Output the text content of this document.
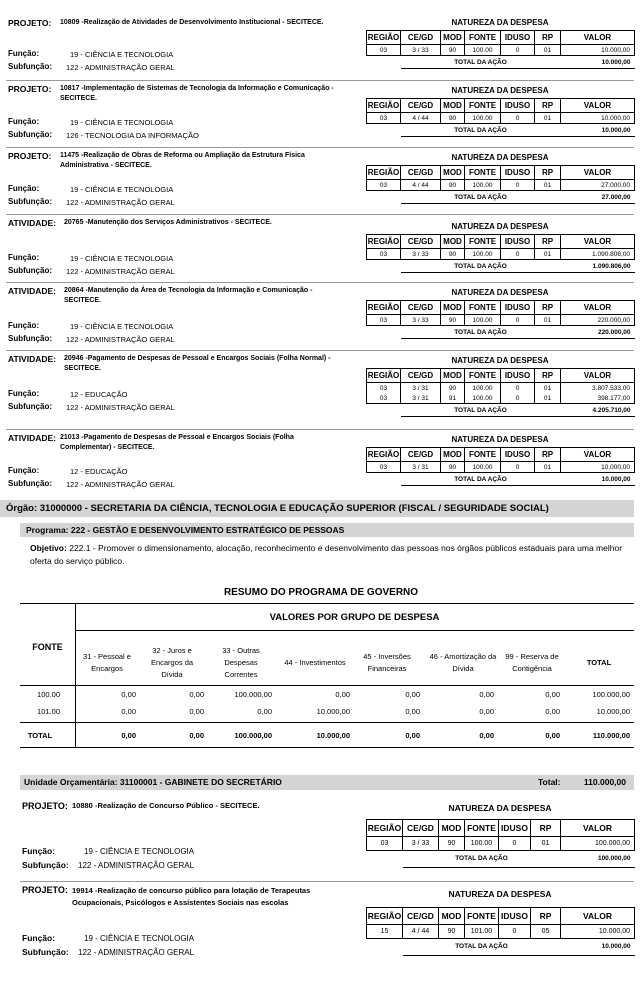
PROJETO: 10809 -Realização de Atividades de Desenvolvimento Institucional - SECITECE.	NATUREZA DA DESPESA
REGIÃO	CE/GD	MOD	FONTE	IDUSO	RP	VALOR
03	3 / 33	90	100.00	0	01	10.000,00
	TOTAL DA AÇÃO					10.000,00
Função:	19 - CIÊNCIA E TECNOLOGIA
Subfunção: 122 - ADMINISTRAÇÃO GERAL
PROJETO: 10817 -Implementação de Sistemas de Tecnologia da Informação e Comunicação - SECITECE.
NATUREZA DA DESPESA
REGIÃO	CE/GD	MOD	FONTE	IDUSO	RP	VALOR
03	4 / 44	90	100.00	0	01	10.000,00
	TOTAL DA AÇÃO					10.000,00
Função:	19 - CIÊNCIA E TECNOLOGIA
Subfunção: 126 - TECNOLOGIA DA INFORMAÇÃO
PROJETO: 11475 -Realização de Obras de Reforma ou Ampliação da Estrutura Física Administrativa - SECITECE.
NATUREZA DA DESPESA
REGIÃO	CE/GD	MOD	FONTE	IDUSO	RP	VALOR
03	4 / 44	90	100.00	0	01	27.000,00
	TOTAL DA AÇÃO					27.000,00
Função:	19 - CIÊNCIA E TECNOLOGIA
Subfunção: 122 - ADMINISTRAÇÃO GERAL
ATIVIDADE: 20765 -Manutenção dos Serviços Administrativos - SECITECE.	NATUREZA DA DESPESA
REGIÃO	CE/GD	MOD	FONTE	IDUSO	RP	VALOR
03	3 / 33	90	100.00	0	01	1.090.806,00
	TOTAL DA AÇÃO					1.090.806,00
Função:	19 - CIÊNCIA E TECNOLOGIA
Subfunção: 122 - ADMINISTRAÇÃO GERAL
ATIVIDADE: 20864 -Manutenção da Área de Tecnologia da Informação e Comunicação - SECITECE.
NATUREZA DA DESPESA
REGIÃO	CE/GD	MOD	FONTE	IDUSO	RP	VALOR
03	3 / 33	90	100.00	0	01	220.000,00
	TOTAL DA AÇÃO					220.000,00
Função:	19 - CIÊNCIA E TECNOLOGIA
Subfunção: 122 - ADMINISTRAÇÃO GERAL
ATIVIDADE: 20946 -Pagamento de Despesas de Pessoal e Encargos Sociais (Folha Normal) - SECITECE.
NATUREZA DA DESPESA
REGIÃO	CE/GD	MOD	FONTE	IDUSO	RP	VALOR
03	3 / 31	90	100.00	0	01	3.807.533,00
03	3 / 31	91	100.00	0	01	398.177,00
	TOTAL DA AÇÃO					4.205.710,00
Função:	12 - EDUCAÇÃO
Subfunção: 122 - ADMINISTRAÇÃO GERAL
ATIVIDADE: 21013 -Pagamento de Despesas de Pessoal e Encargos Sociais (Folha Complementar) - SECITECE.
NATUREZA DA DESPESA
REGIÃO	CE/GD	MOD	FONTE	IDUSO	RP	VALOR
03	3 / 31	90	100.00	0	01	10.000,00
	TOTAL DA AÇÃO					10.000,00
Função:	12 - EDUCAÇÃO
Subfunção: 122 - ADMINISTRAÇÃO GERAL
Órgão: 31000000 - SECRETARIA DA CIÊNCIA, TECNOLOGIA E EDUCAÇÃO SUPERIOR (FISCAL / SEGURIDADE SOCIAL)
Programa: 222 - GESTÃO E DESENVOLVIMENTO ESTRATÉGICO DE PESSOAS
Objetivo: 222.1 - Promover o dimensionamento, alocação, reconhecimento e desenvolvimento das pessoas nos órgãos públicos estaduais para uma melhor oferta do serviço público.
RESUMO DO PROGRAMA DE GOVERNO
VALORES POR GRUPO DE DESPESA
FONTE
31 - Pessoal e Encargos
32 - Juros e Encargos da Dívida
33 - Outras Despesas Correntes
44 - Investimentos
45 - Inversões Financeiras
46 - Amortização da Dívida
99 - Reserva de Contigência
TOTAL
100.00	0,00	0,00	100.000,00	0,00	0,00	0,00	0,00	100.000,00
101.00	0,00	0,00	0,00	10.000,00	0,00	0,00	0,00	10.000,00
TOTAL	0,00	0,00	100.000,00	10.000,00	0,00	0,00	0,00	110.000,00
Unidade Orçamentária: 31100001 - GABINETE DO SECRETÁRIO	Total:	110.000,00
PROJETO: 10880 -Realização de Concurso Público - SECITECE.	NATUREZA DA DESPESA
REGIÃO	CE/GD	MOD	FONTE	IDUSO	RP	VALOR
03	3 / 33	90	100.00	0	01	100.000,00
	TOTAL DA AÇÃO					100.000,00
Função:	19 - CIÊNCIA E TECNOLOGIA
Subfunção: 122 - ADMINISTRAÇÃO GERAL
PROJETO: 19914 -Realização de concurso público para lotação de Terapeutas Ocupacionais, Psicólogos e Assistentes Sociais nas escolas
NATUREZA DA DESPESA
REGIÃO	CE/GD	MOD	FONTE	IDUSO	RP	VALOR
15	4 / 44	90	101.00	0	05	10.000,00
	TOTAL DA AÇÃO					10.000,00
Função:	19 - CIÊNCIA E TECNOLOGIA
Subfunção: 122 - ADMINISTRAÇÃO GERAL
